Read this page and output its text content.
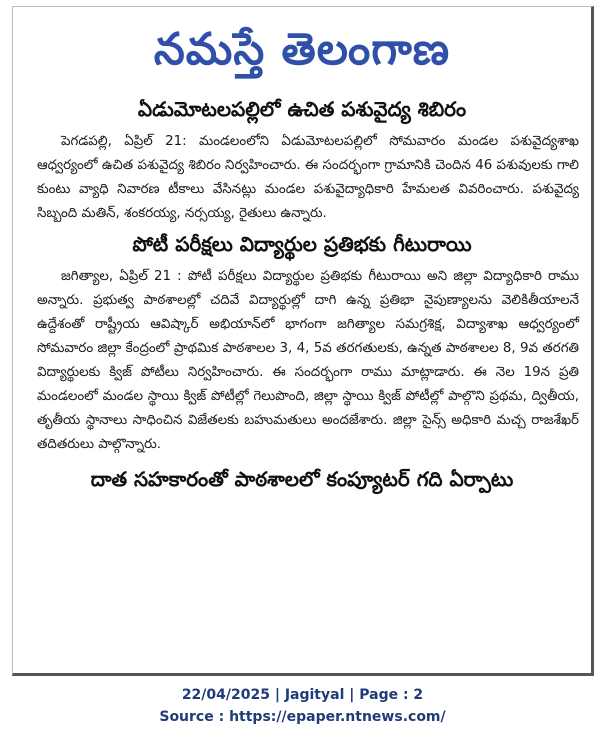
నమస్తే తెలంగాణ
ఏడుమోటలపల్లిలో ఉచిత పశువైద్య శిబిరం

పెగడపల్లి, ఏప్రిల్ 21: మండలంలోని ఏడుమోటలపల్లిలో సోమవారం మండల పశువైద్యశాఖ ఆధ్వర్యంలో ఉచిత పశువైద్య శిబిరం నిర్వహించారు. ఈ సందర్భంగా గ్రామానికి చెందిన 46 పశువులకు గాలి కుంటు వ్యాధి నివారణ టీకాలు వేసినట్లు మండల పశువైద్యాధికారి హేమలత వివరించారు. పశువైద్య సిబ్బంది మతిన్, శంకరయ్య, నర్సయ్య, రైతులు ఉన్నారు.

పోటీ పరీక్షలు విద్యార్థుల ప్రతిభకు గీటురాయి

జగిత్యాల, ఏప్రిల్ 21 : పోటీ పరీక్షలు విద్యార్థుల ప్రతిభకు గీటురాయి అని జిల్లా విద్యాధికారి రాము అన్నారు. ప్రభుత్వ పాఠశాలల్లో చదివే విద్యార్థుల్లో దాగి ఉన్న ప్రతిభా నైపుణ్యాలను వెలికితీయాలనే ఉద్దేశంతో రాష్ట్రీయ ఆవిష్కార్ అభియాన్‌లో భాగంగా జగిత్యాల సమగ్రశిక్ష, విద్యాశాఖ ఆధ్వర్యంలో సోమవారం జిల్లా కేంద్రంలో ప్రాథమిక పాఠశాలల 3, 4, 5వ తరగతులకు, ఉన్నత పాఠశాలల 8, 9వ తరగతి విద్యార్థులకు క్విజ్ పోటీలు నిర్వహించారు. ఈ సందర్భంగా రాము మాట్లాడారు. ఈ నెల 19న ప్రతి మండలంలో మండల స్థాయి క్విజ్ పోటీల్లో గెలుపొంది, జిల్లా స్థాయి క్విజ్ పోటీల్లో పాల్గొని ప్రథమ, ద్వితీయ, తృతీయ స్థానాలు సాధించిన విజేతలకు బహుమతులు అందజేశారు. జిల్లా సైన్స్ అధికారి మచ్చ రాజశేఖర్ తదితరులు పాల్గొన్నారు.

దాత సహకారంతో పాఠశాలలో కంప్యూటర్ గది ఏర్పాటు
22/04/2025 | Jagityal | Page : 2
Source : https://epaper.ntnews.com/
